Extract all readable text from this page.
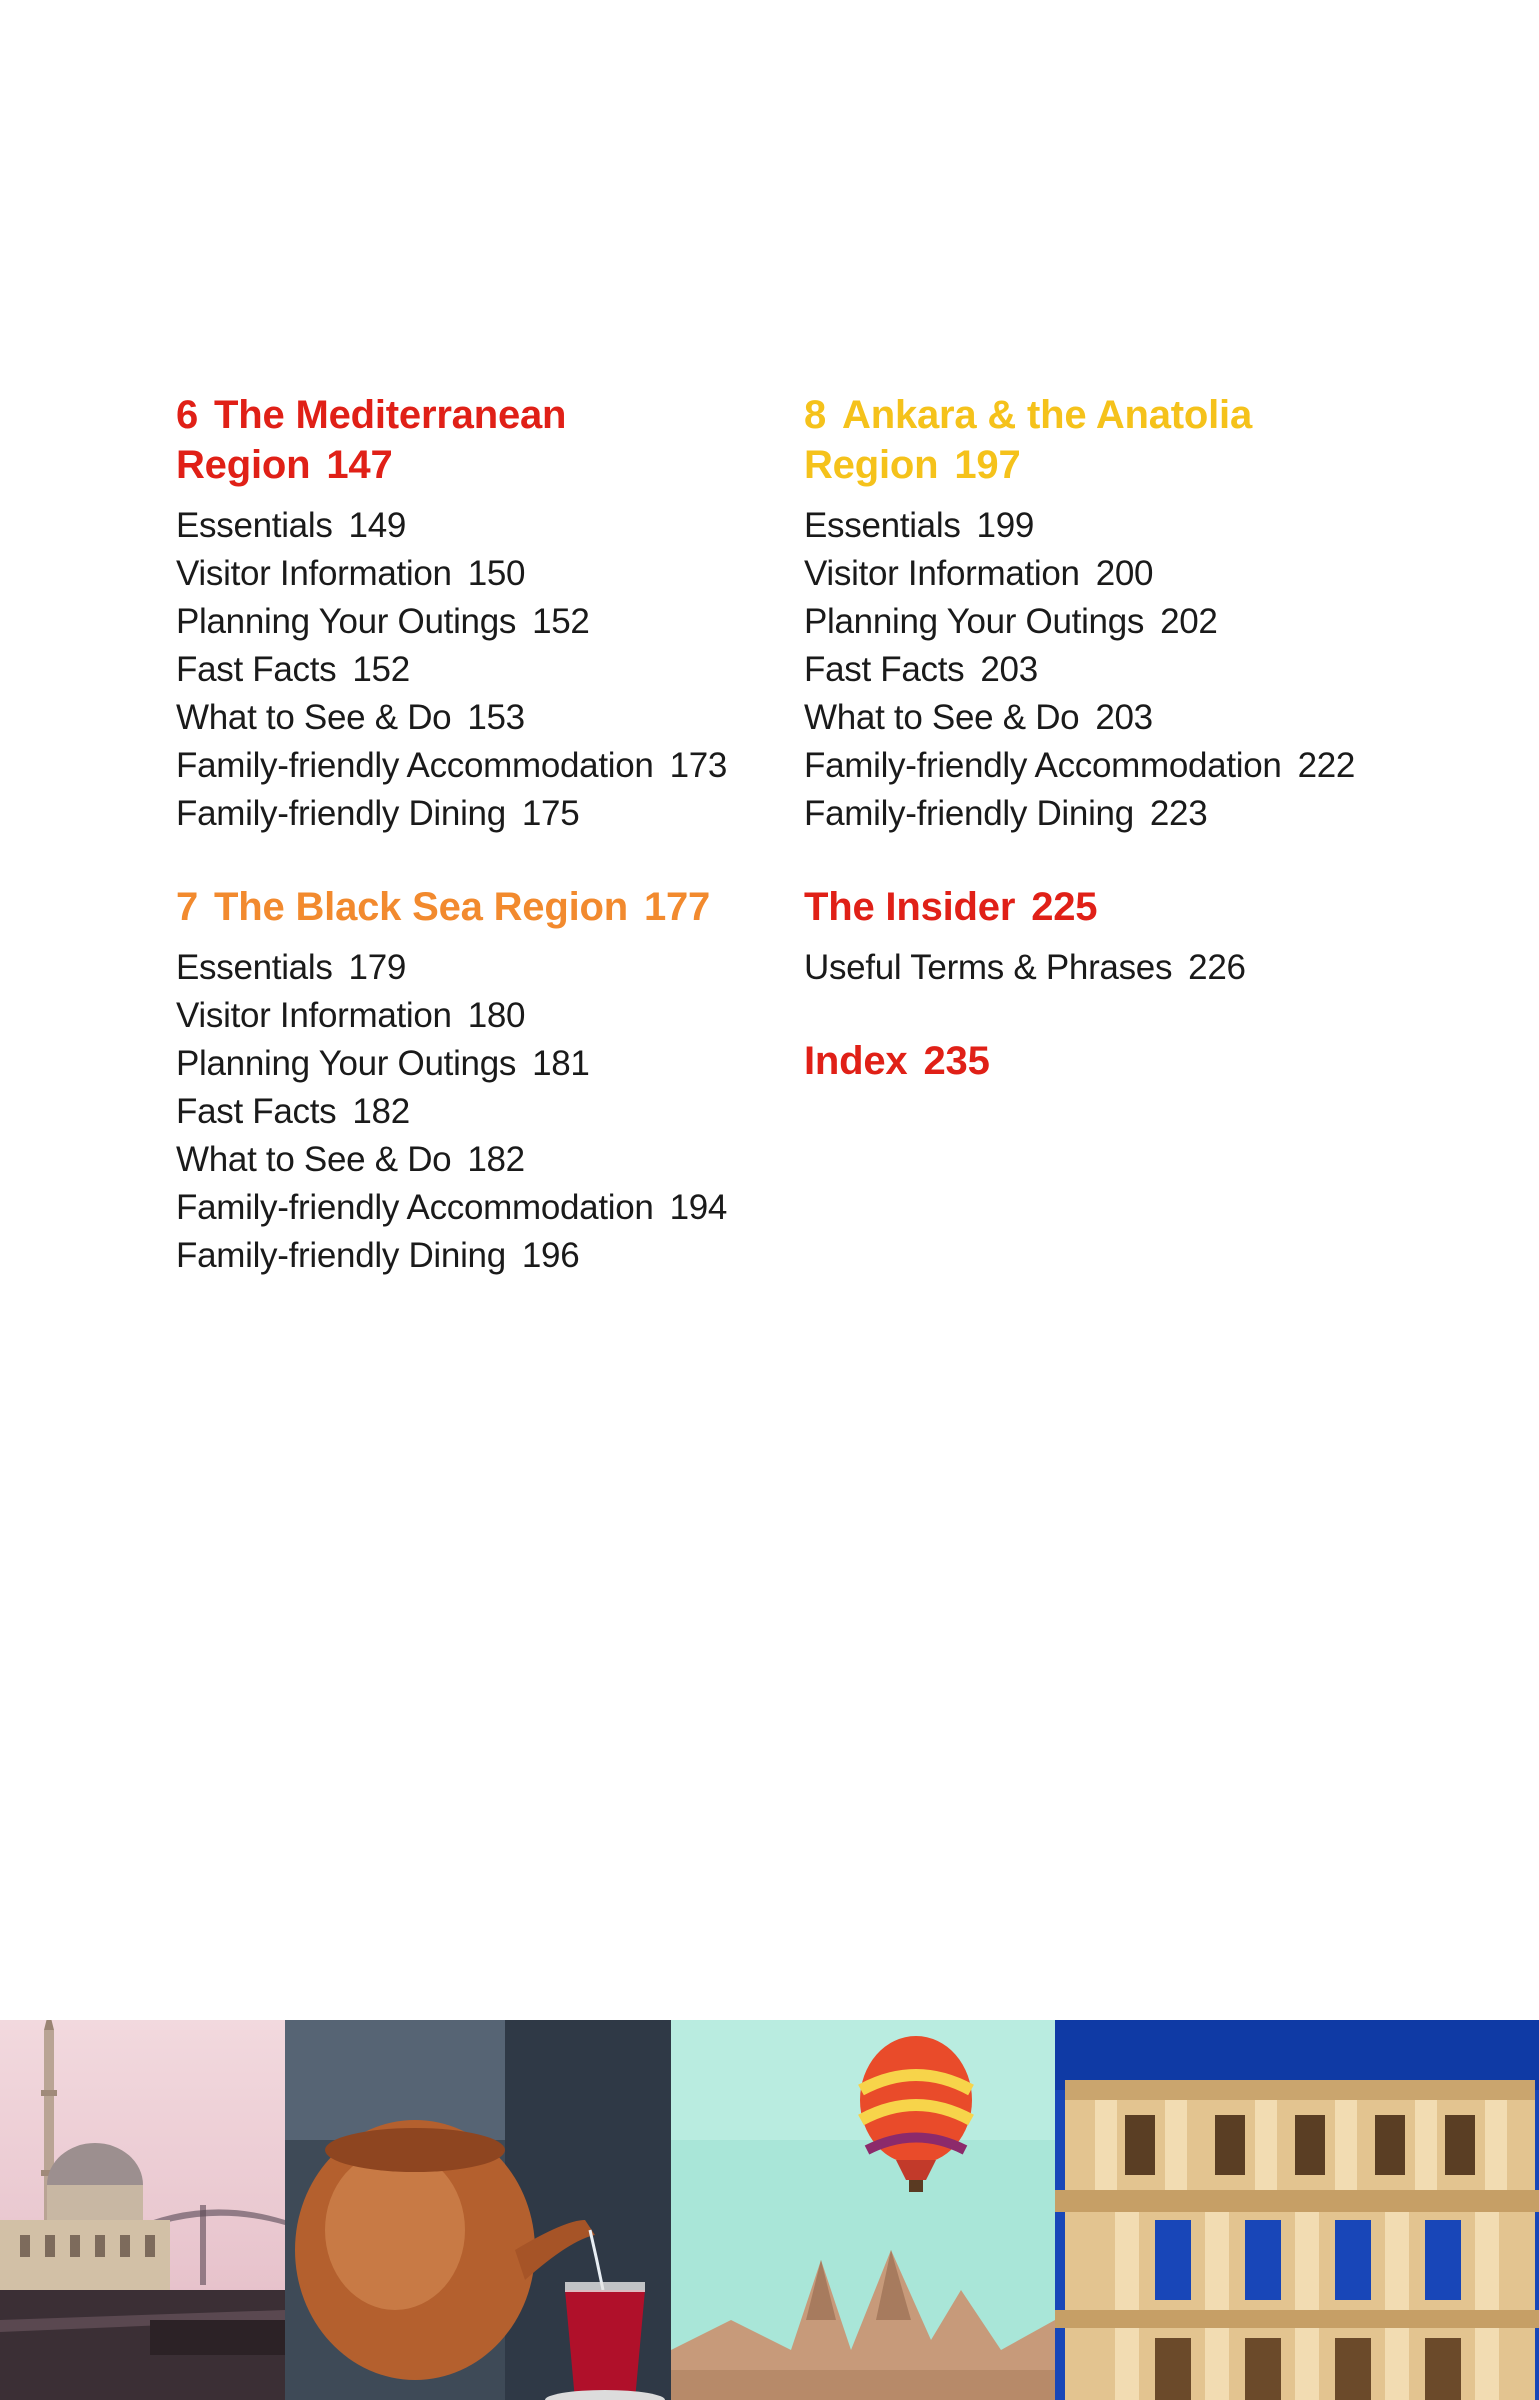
6 The Mediterranean
Region 147
Essentials 149
Visitor Information 150
Planning Your Outings 152
Fast Facts 152
What to See & Do 153
Family-friendly Accommodation 173
Family-friendly Dining 175
7 The Black Sea Region 177
Essentials 179
Visitor Information 180
Planning Your Outings 181
Fast Facts 182
What to See & Do 182
Family-friendly Accommodation 194
Family-friendly Dining 196
8 Ankara & the Anatolia
Region 197
Essentials 199
Visitor Information 200
Planning Your Outings 202
Fast Facts 203
What to See & Do 203
Family-friendly Accommodation 222
Family-friendly Dining 223
The Insider 225
Useful Terms & Phrases 226
Index 235
